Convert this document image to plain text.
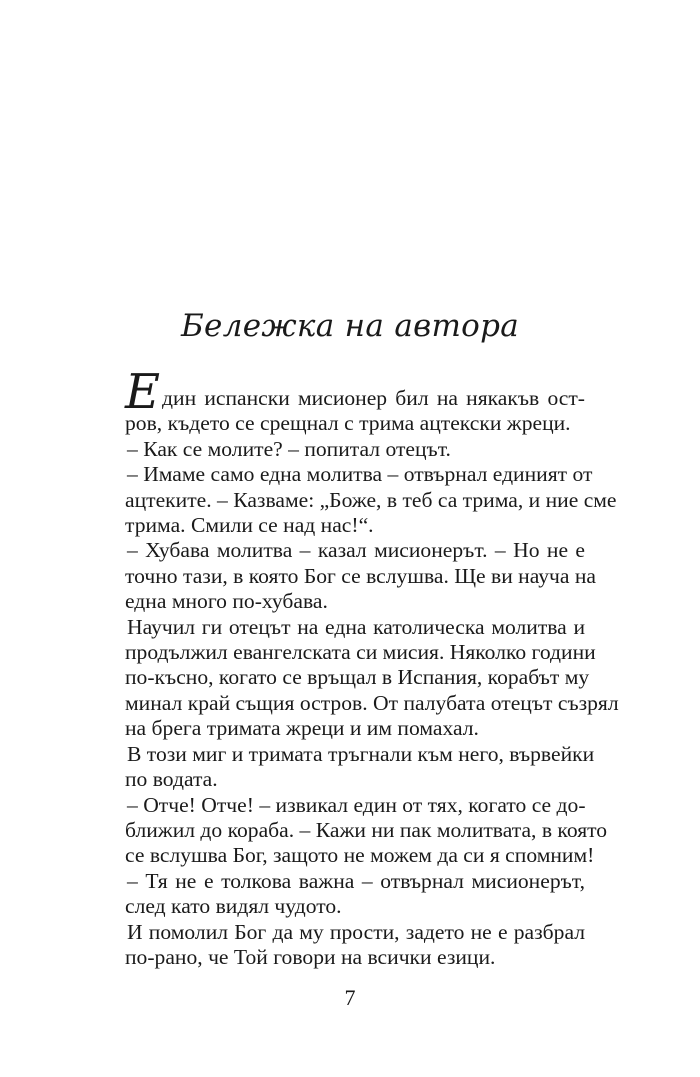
Бележка на автора

Един испански мисионер бил на някакъв ост-
ров, където се срещнал с трима ацтекски жреци.

– Как се молите? – попитал отецът.

– Имаме само една молитва – отвърнал единият от
ацтеките. – Казваме: „Боже, в теб са трима, и ние сме
трима. Смили се над нас!“.

– Хубава молитва – казал мисионерът. – Но не е
точно тази, в която Бог се вслушва. Ще ви науча на
една много по-хубава.

Научил ги отецът на една католическа молитва и
продължил евангелската си мисия. Няколко години
по-късно, когато се връщал в Испания, корабът му
минал край същия остров. От палубата отецът съзрял
на брега тримата жреци и им помахал.

В този миг и тримата тръгнали към него, вървейки
по водата.

– Отче! Отче! – извикал един от тях, когато се до-
ближил до кораба. – Кажи ни пак молитвата, в която
се вслушва Бог, защото не можем да си я спомним!

– Тя не е толкова важна – отвърнал мисионерът,
след като видял чудото.

И помолил Бог да му прости, задето не е разбрал
по-рано, че Той говори на всички езици.

7
